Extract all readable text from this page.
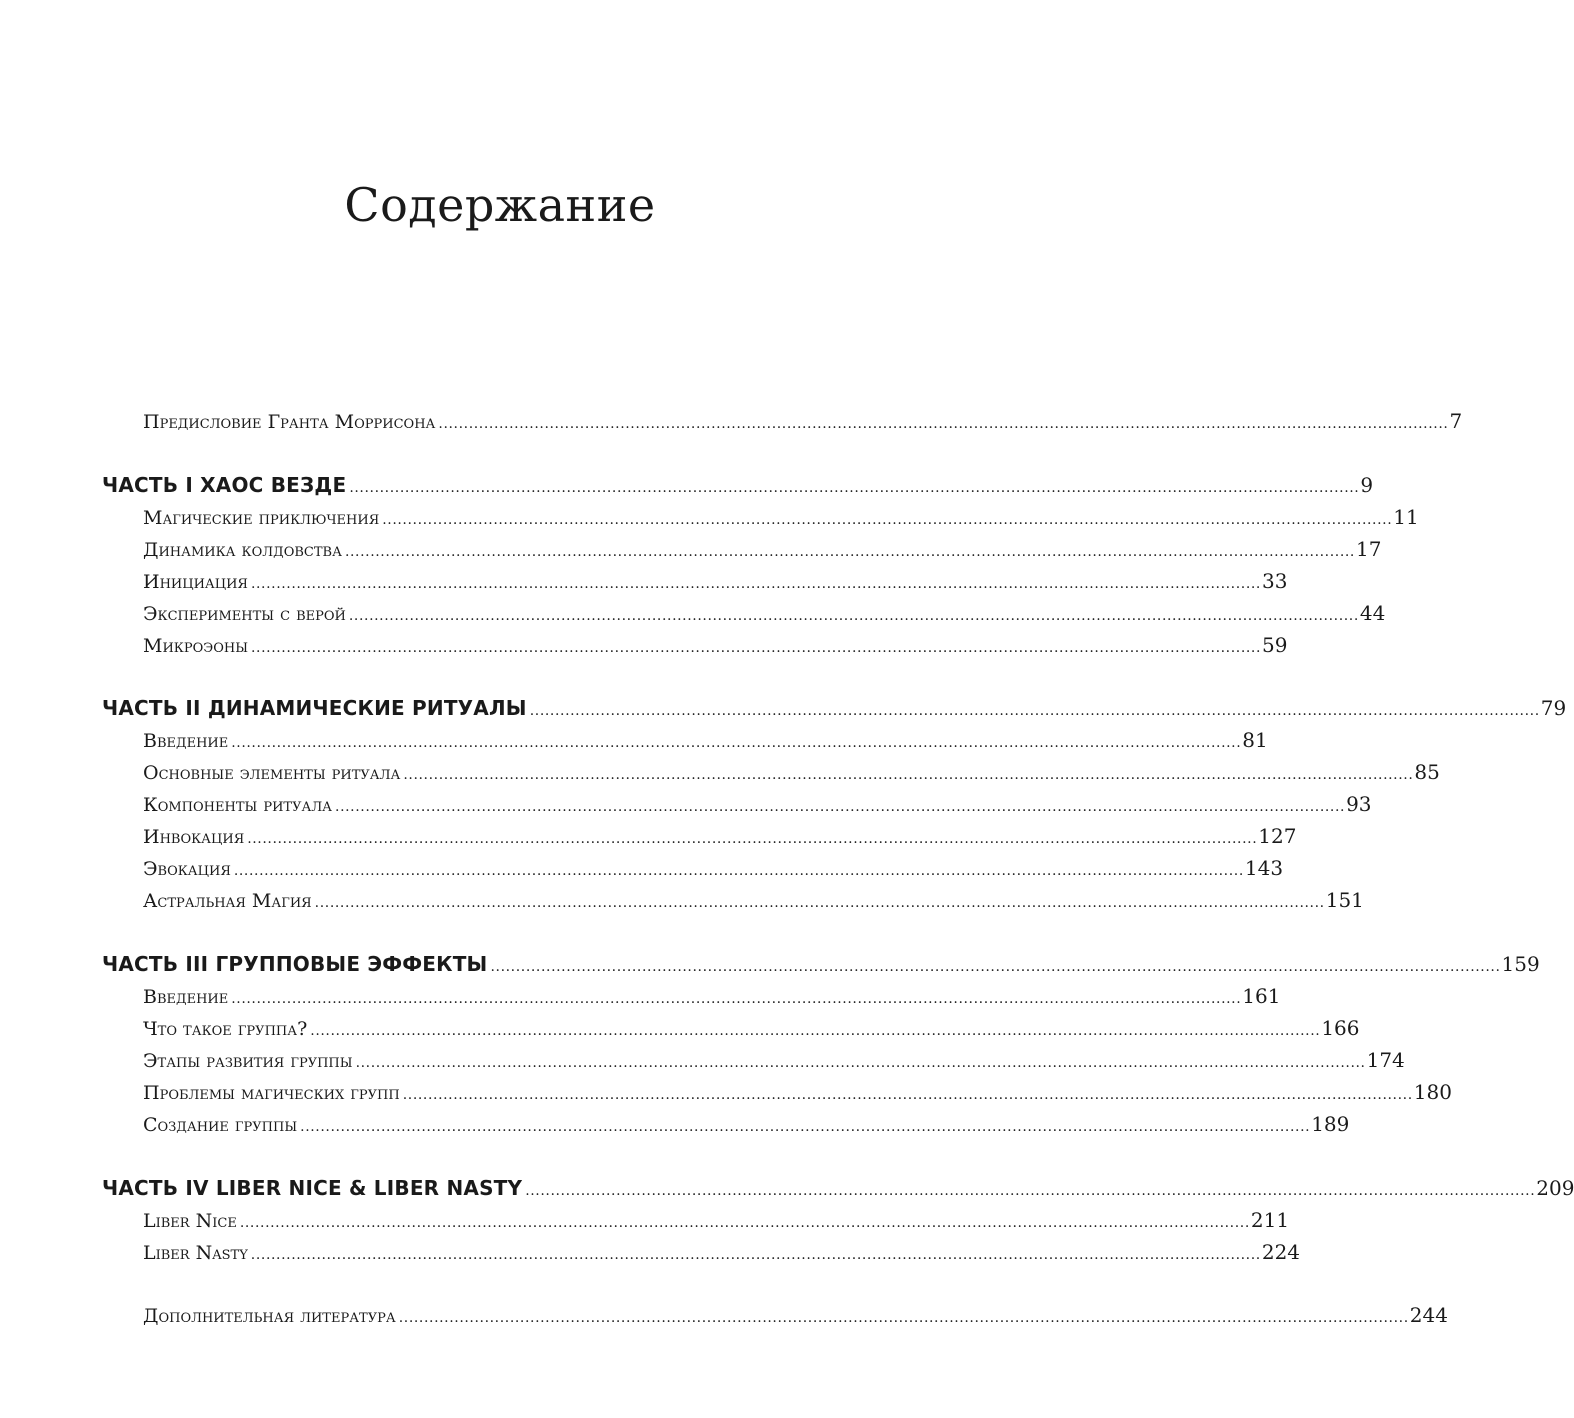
Содержание
Предисловие Гранта Моррисона ........................................................................................................................................................................................................ 7
ЧАСТЬ I ХАОС ВЕЗДЕ ........................................................................................................................................................................................................ 9
Магические приключения ........................................................................................................................................................................................................ 11
Динамика колдовства ........................................................................................................................................................................................................ 17
Инициация ........................................................................................................................................................................................................ 33
Эксперименты с верой ........................................................................................................................................................................................................ 44
Микроэоны ........................................................................................................................................................................................................ 59
ЧАСТЬ II ДИНАМИЧЕСКИЕ РИТУАЛЫ ........................................................................................................................................................................................................ 79
Введение ........................................................................................................................................................................................................ 81
Основные элементы ритуала ........................................................................................................................................................................................................ 85
Компоненты ритуала ........................................................................................................................................................................................................ 93
Инвокация ........................................................................................................................................................................................................ 127
Эвокация ........................................................................................................................................................................................................ 143
Астральная Магия ........................................................................................................................................................................................................ 151
ЧАСТЬ III ГРУППОВЫЕ ЭФФЕКТЫ ........................................................................................................................................................................................................ 159
Введение ........................................................................................................................................................................................................ 161
Что такое группа? ........................................................................................................................................................................................................ 166
Этапы развития группы ........................................................................................................................................................................................................ 174
Проблемы магических групп ........................................................................................................................................................................................................ 180
Создание группы ........................................................................................................................................................................................................ 189
ЧАСТЬ IV LIBER NICE & LIBER NASTY ........................................................................................................................................................................................................ 209
Liber Nice ........................................................................................................................................................................................................ 211
Liber Nasty ........................................................................................................................................................................................................ 224
Дополнительная литература ........................................................................................................................................................................................................ 244
